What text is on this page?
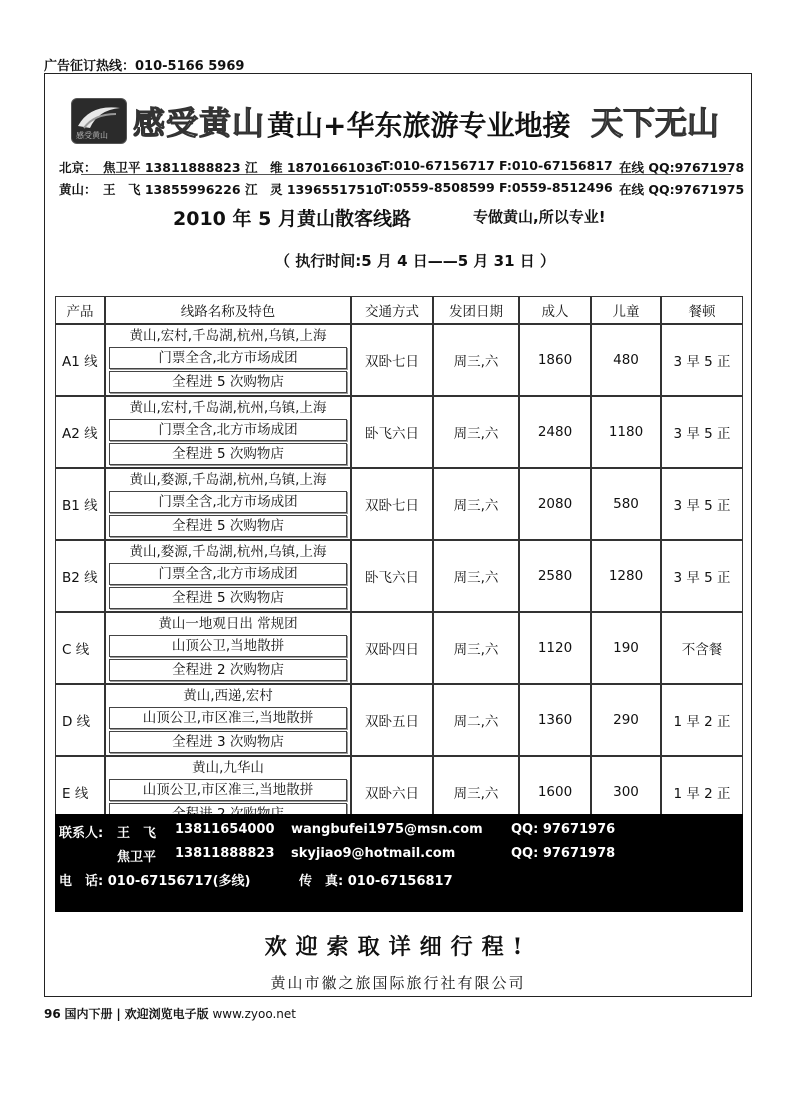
广告征订热线：010-5166 5969
感受黄山 感受黄山 黄山+华东旅游专业地接 天下无山
北京： 焦卫平 13811888823 江　维 18701661036
T:010-67156717 F:010-67156817 在线 QQ:97671978
黄山： 王　飞 13855996226 江　灵 13965517510
T:0559-8508599 F:0559-8512496 在线 QQ:97671975
2010 年 5 月黄山散客线路	专做黄山,所以专业!
（ 执行时间:5 月 4 日——5 月 31 日 ）
产品	线路名称及特色	交通方式	发团日期	成人	儿童	餐顿
A1 线	黄山,宏村,千岛湖,杭州,乌镇,上海
门票全含,北方市场成团
全程进 5 次购物店	双卧七日	周三,六	1860	480	3 早 5 正
A2 线	黄山,宏村,千岛湖,杭州,乌镇,上海
门票全含,北方市场成团
全程进 5 次购物店	卧飞六日	周三,六	2480	1180	3 早 5 正
B1 线	黄山,婺源,千岛湖,杭州,乌镇,上海
门票全含,北方市场成团
全程进 5 次购物店	双卧七日	周三,六	2080	580	3 早 5 正
B2 线	黄山,婺源,千岛湖,杭州,乌镇,上海
门票全含,北方市场成团
全程进 5 次购物店	卧飞六日	周三,六	2580	1280	3 早 5 正
C 线	黄山一地观日出 常规团
山顶公卫,当地散拼
全程进 2 次购物店	双卧四日	周三,六	1120	190	不含餐
D 线	黄山,西递,宏村
山顶公卫,市区准三,当地散拼
全程进 3 次购物店	双卧五日	周二,六	1360	290	1 早 2 正
E 线	黄山,九华山
山顶公卫,市区准三,当地散拼	双卧六日	周三,六	1600	300	1 早 2 正
联系人: 王　飞 13811654000 wangbufei1975@msn.com QQ: 97671976
焦卫平 13811888823 skyjiao9@hotmail.com	QQ: 97671978
电　话: 010-67156717(多线)	传　真: 010-67156817
欢迎索取详细行程!
黄山市徽之旅国际旅行社有限公司
96 国内下册 | 欢迎浏览电子版 www.zyoo.net
